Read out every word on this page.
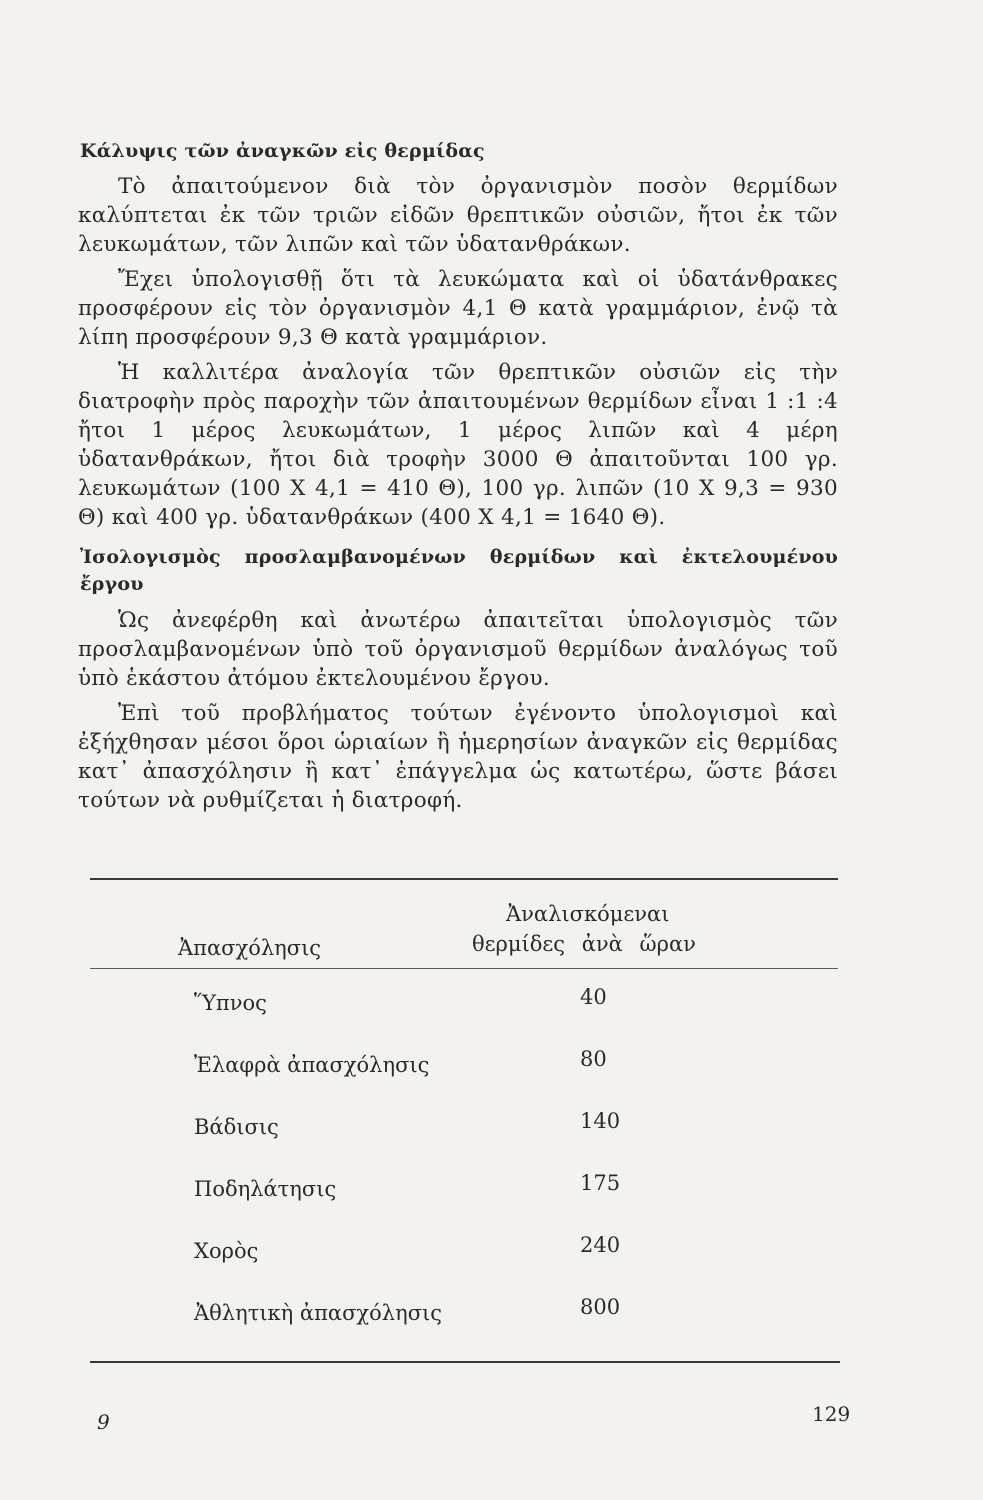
Κάλυψις τῶν ἀναγκῶν εἰς θερμίδας

Τὸ ἀπαιτούμενον διὰ τὸν ὀργανισμὸν ποσὸν θερμίδων καλύπτεται ἐκ τῶν τριῶν εἰδῶν θρεπτικῶν οὐσιῶν, ἤτοι ἐκ τῶν λευκωμάτων, τῶν λιπῶν καὶ τῶν ὑδατανθράκων.

Ἔχει ὑπολογισθῇ ὅτι τὰ λευκώματα καὶ οἱ ὑδατάνθρακες προσφέρουν εἰς τὸν ὀργανισμὸν 4,1 Θ κατὰ γραμμάριον, ἐνῷ τὰ λίπη προσφέρουν 9,3 Θ κατὰ γραμμάριον.

Ἡ καλλιτέρα ἀναλογία τῶν θρεπτικῶν οὐσιῶν εἰς τὴν διατροφὴν πρὸς παροχὴν τῶν ἀπαιτουμένων θερμίδων εἶναι 1 :1 :4 ἤτοι 1 μέρος λευκωμάτων, 1 μέρος λιπῶν καὶ 4 μέρη ὑδατανθράκων, ἤτοι διὰ τροφὴν 3000 Θ ἀπαιτοῦνται 100 γρ. λευκωμάτων (100 X 4,1 = 410 Θ), 100 γρ. λιπῶν (10 X 9,3 = 930 Θ) καὶ 400 γρ. ὑδατανθράκων (400 X 4,1 = 1640 Θ).

Ἰσολογισμὸς προσλαμβανομένων θερμίδων καὶ ἐκτελουμένου ἔργου

Ὡς ἀνεφέρθη καὶ ἀνωτέρω ἀπαιτεῖται ὑπολογισμὸς τῶν προσλαμβανομένων ὑπὸ τοῦ ὀργανισμοῦ θερμίδων ἀναλόγως τοῦ ὑπὸ ἑκάστου ἀτόμου ἐκτελουμένου ἔργου.

Ἐπὶ τοῦ προβλήματος τούτων ἐγένοντο ὑπολογισμοὶ καὶ ἐξήχθησαν μέσοι ὅροι ὡριαίων ἢ ἡμερησίων ἀναγκῶν εἰς θερμίδας κατ᾿ ἀπασχόλησιν ἢ κατ᾿ ἐπάγγελμα ὡς κατωτέρω, ὥστε βάσει τούτων νὰ ρυθμίζεται ἡ διατροφή.

Ἀπασχόλησις
Ἀναλισκόμεναι
θερμίδες ἀνὰ ὥραν
Ὕπνος	40
Ἐλαφρὰ ἀπασχόλησις	80
Βάδισις	140
Ποδηλάτησις	175
Χορὸς	240
Ἀθλητικὴ ἀπασχόλησις	800
9	129
